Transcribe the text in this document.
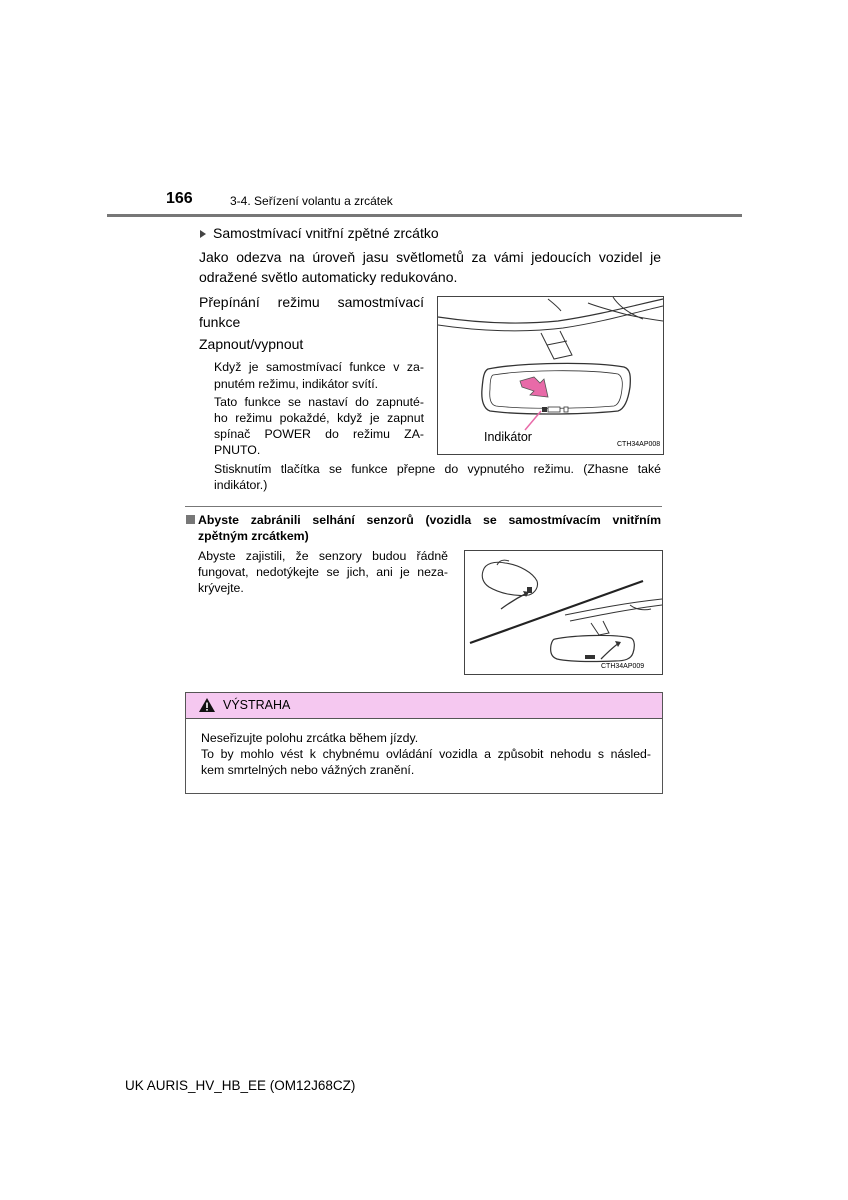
166	3-4. Seřízení volantu a zrcátek
Samostmívací vnitřní zpětné zrcátko
Jako odezva na úroveň jasu světlometů za vámi jedoucích vozidel je
odražené světlo automaticky redukováno.
Přepínání režimu samostmívací
funkce
Zapnout/vypnout
Když je samostmívací funkce v za-
pnutém režimu, indikátor svítí.
Tato funkce se nastaví do zapnuté-
ho režimu pokaždé, když je zapnut
spínač POWER do režimu ZA-
PNUTO.
Indikátor
CTH34AP008
Stisknutím tlačítka se funkce přepne do vypnutého režimu. (Zhasne také
indikátor.)
Abyste zabránili selhání senzorů (vozidla se samostmívacím vnitřním
zpětným zrcátkem)
Abyste zajistili, že senzory budou řádně
fungovat, nedotýkejte se jich, ani je neza-
krývejte.
CTH34AP009
VÝSTRAHA
Neseřizujte polohu zrcátka během jízdy.
To by mohlo vést k chybnému ovládání vozidla a způsobit nehodu s násled-
kem smrtelných nebo vážných zranění.
UK AURIS_HV_HB_EE (OM12J68CZ)
